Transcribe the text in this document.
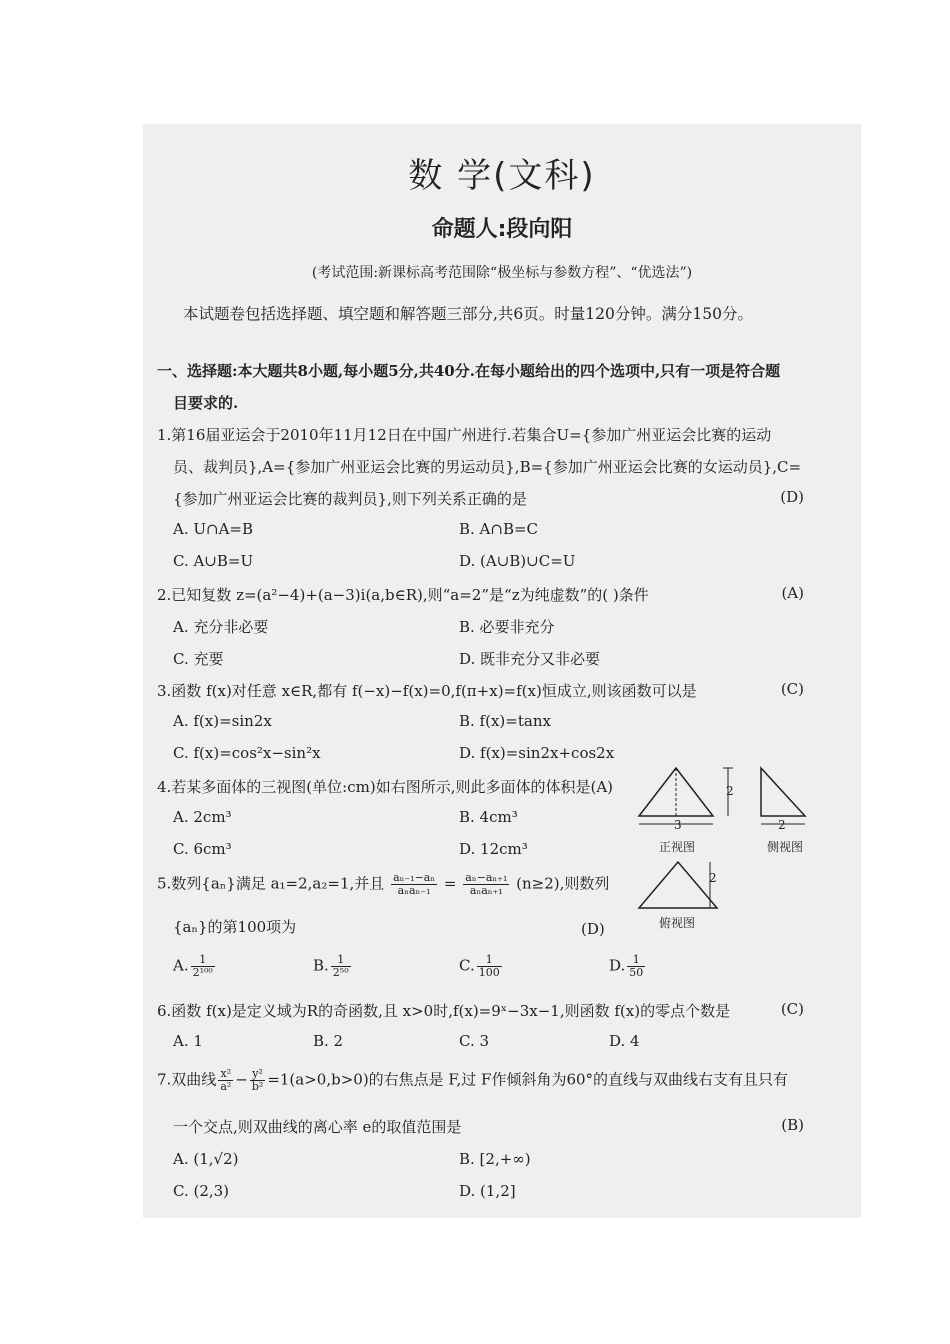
数 学(文科)
命题人:段向阳
(考试范围:新课标高考范围除“极坐标与参数方程”、“优选法”)
本试题卷包括选择题、填空题和解答题三部分,共6页。时量120分钟。满分150分。
一、选择题:本大题共8小题,每小题5分,共40分.在每小题给出的四个选项中,只有一项是符合题
目要求的.
1.第16届亚运会于2010年11月12日在中国广州进行.若集合U={参加广州亚运会比赛的运动
员、裁判员},A={参加广州亚运会比赛的男运动员},B={参加广州亚运会比赛的女运动员},C=
{参加广州亚运会比赛的裁判员},则下列关系正确的是	(D)
A. U∩A=B	B. A∩B=C
C. A∪B=U	D. (A∪B)∪C=U
2.已知复数 z=(a²−4)+(a−3)i(a,b∈R),则“a=2”是“z为纯虚数”的( )条件	(A)
A. 充分非必要	B. 必要非充分
C. 充要	D. 既非充分又非必要
3.函数 f(x)对任意 x∈R,都有 f(−x)−f(x)=0,f(π+x)=f(x)恒成立,则该函数可以是	(C)
A. f(x)=sin2x	B. f(x)=tanx
C. f(x)=cos²x−sin²x	D. f(x)=sin2x+cos2x
4.若某多面体的三视图(单位:cm)如右图所示,则此多面体的体积是(A)
A. 2cm³	B. 4cm³
C. 6cm³	D. 12cm³
3
2
正视图
2
侧视图
2
俯视图
5.数列{aₙ}满足 a₁=2,a₂=1,并且 aₙ₋₁−aₙ
aₙaₙ₋₁ = aₙ−aₙ₊₁
aₙaₙ₊₁ (n≥2),则数列
{aₙ}的第100项为	(D)
A. $\frac{1}{\text{2¹⁰⁰}}$	B. $\frac{1}{\text{2⁵⁰}}$	C. $\frac{1}{100}$	D. $\frac{1}{50}$
6.函数 f(x)是定义域为R的奇函数,且 x>0时,f(x)=9ˣ−3x−1,则函数 f(x)的零点个数是	(C)
A. 1	B. 2	C. 3	D. 4
7.双曲线 $\frac{\text{x²}}{\text{a²}} - \frac{\text{y²}}{\text{b²}} =1(a>0,b>0)$的右焦点是 F,过 F作倾斜角为60°的直线与双曲线右支有且只有
一个交点,则双曲线的离心率 e的取值范围是	(B)
A. (1,√2)	B. [2,+∞)
C. (2,3)	D. (1,2]
